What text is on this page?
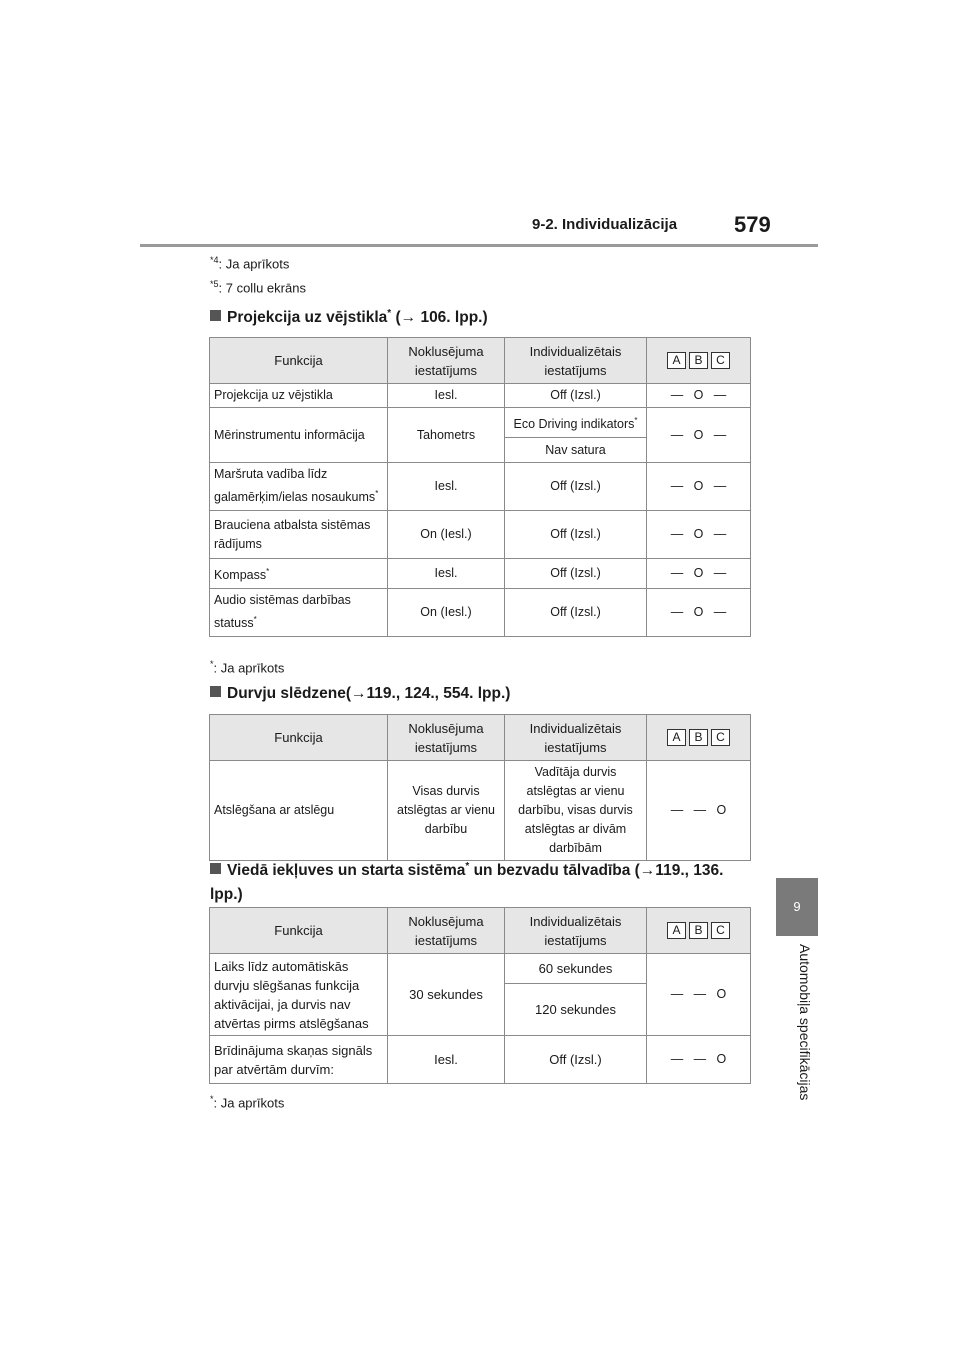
9-2. Individualizācija	579
9
Automobiļa specifikācijas
$^{*4}$: Ja aprīkots
$^{*5}$: 7 collu ekrāns
Projekcija uz vējstikla* (→ 106. lpp.)
Funkcija	Noklusējuma iestatījums	Individualizētais iestatījums	A B C

Projekcija uz vējstikla	Iesl.	Off (Izsl.)	— O —
Mērinstrumentu informācija	Tahometrs	Eco Driving indikators*	— O —
		Nav satura	
Maršruta vadība līdz galamērķim/ielas nosaukums*	Iesl.	Off (Izsl.)	— O —
Brauciena atbalsta sistēmas rādījums	On (Iesl.)	Off (Izsl.)	— O —
Kompass*	Iesl.	Off (Izsl.)	— O —
Audio sistēmas darbības statuss*	On (Iesl.)	Off (Izsl.)	— O —
*: Ja aprīkots
Durvju slēdzene(→119., 124., 554. lpp.)
Funkcija	Noklusējuma iestatījums	Individualizētais iestatījums	A B C

Atslēgšana ar atslēgu	Visas durvis atslēgtas ar vienu darbību	Vadītāja durvis atslēgtas ar vienu darbību, visas durvis atslēgtas ar divām darbībām	— — O
Viedā iekļuves un starta sistēma* un bezvadu tālvadība (→119., 136.
lpp.)
Funkcija	Noklusējuma iestatījums	Individualizētais iestatījums	A B C

Laiks līdz automātiskās durvju slēgšanas funkcija aktivācijai, ja durvis nav atvērtas pirms atslēgšanas	30 sekundes	60 sekundes	— — O
		120 sekundes	
Brīdinājuma skaņas signāls par atvērtām durvīm:	Iesl.	Off (Izsl.)	— — O
*: Ja aprīkots
